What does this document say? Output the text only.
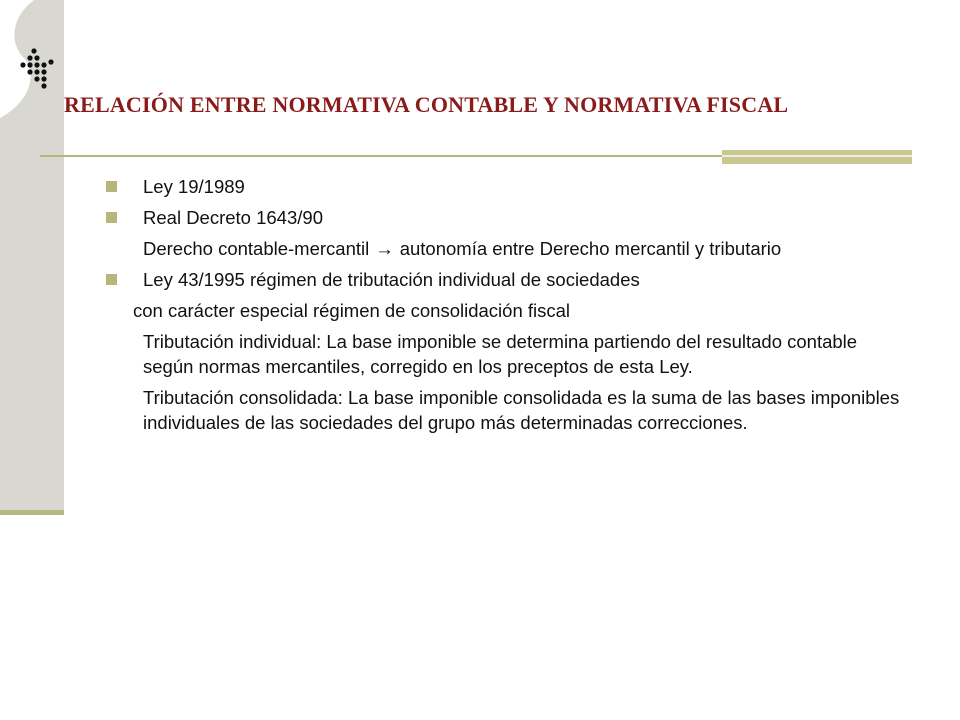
RELACIÓN ENTRE NORMATIVA CONTABLE Y NORMATIVA FISCAL
Ley 19/1989
Real Decreto 1643/90
Derecho contable-mercantil → autonomía entre Derecho mercantil y tributario
Ley 43/1995 régimen de tributación individual de sociedades
con carácter especial régimen de consolidación fiscal
Tributación individual: La base imponible se determina partiendo del resultado contable según normas mercantiles, corregido en los preceptos de esta Ley.
Tributación consolidada: La base imponible consolidada es la suma de las bases imponibles individuales de las sociedades del grupo más determinadas correcciones.
